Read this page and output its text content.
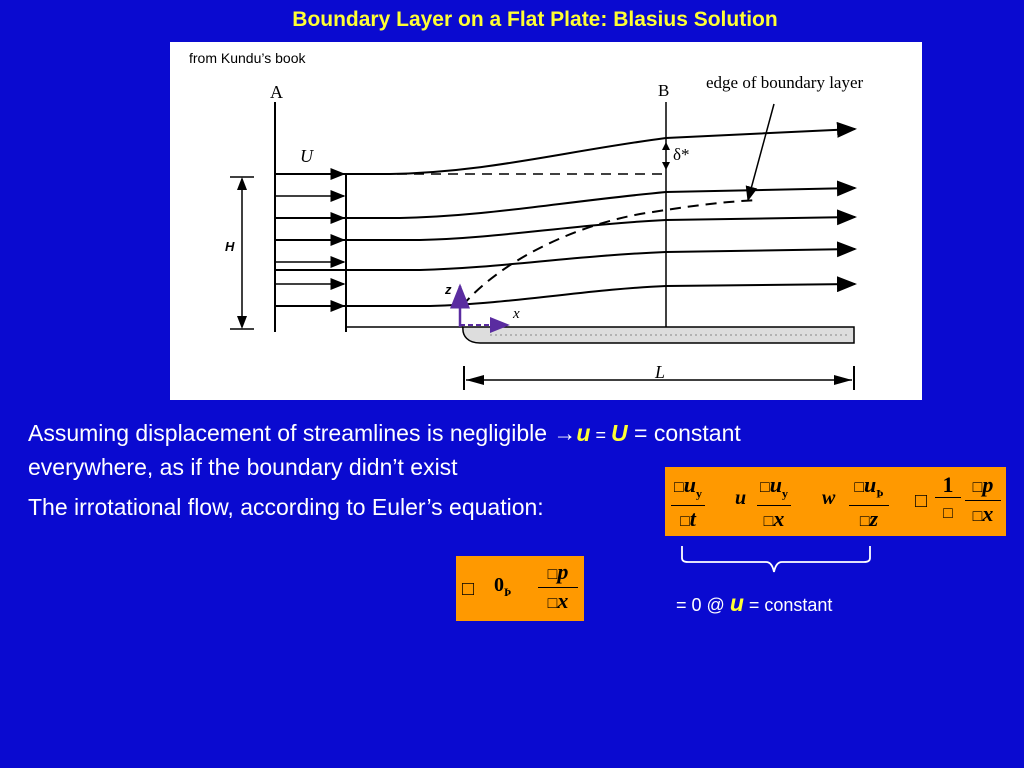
Boundary Layer on a Flat Plate: Blasius Solution
from Kundu’s book
A	B
U
H
δ*
edge of boundary layer
z
x
L
Assuming displacement of streamlines is negligible →u = U = constant
everywhere, as if the boundary didn’t exist
The irrotational flow, according to Euler’s equation:	$\frac{□u_y}{□t}$ u $\frac{□u_y}{□x}$ w $\frac{□u_Þ}{□z}$ □
1
□ $\frac{□p}{□x}$
= 0 @ u = constant
□ $0_Þ \frac{□p}{□x}$
